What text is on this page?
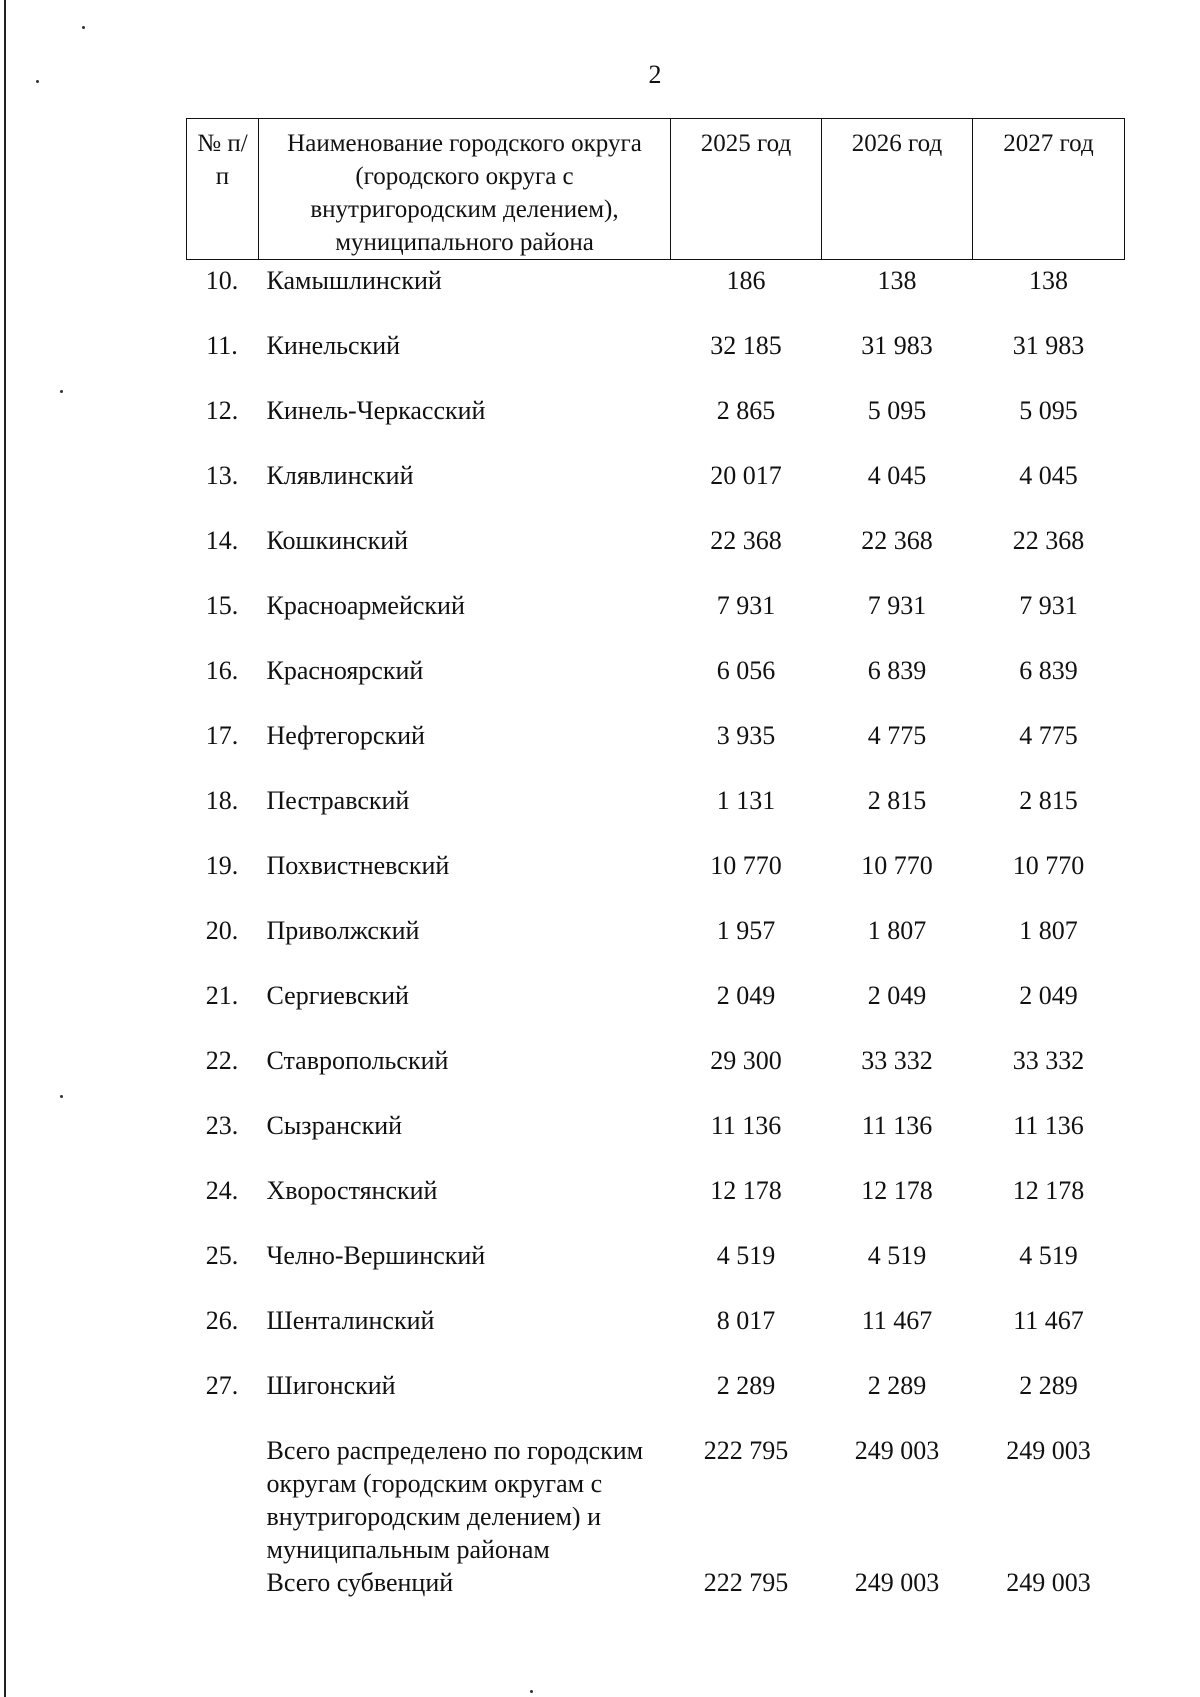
2
№ п/п	Наименование городского округа (городского округа с внутригородским делением), муниципального района	2025 год	2026 год	2027 год
10.	Камышлинский	186	138	138
11.	Кинельский	32 185	31 983	31 983
12.	Кинель-Черкасский	2 865	5 095	5 095
13.	Клявлинский	20 017	4 045	4 045
14.	Кошкинский	22 368	22 368	22 368
15.	Красноармейский	7 931	7 931	7 931
16.	Красноярский	6 056	6 839	6 839
17.	Нефтегорский	3 935	4 775	4 775
18.	Пестравский	1 131	2 815	2 815
19.	Похвистневский	10 770	10 770	10 770
20.	Приволжский	1 957	1 807	1 807
21.	Сергиевский	2 049	2 049	2 049
22.	Ставропольский	29 300	33 332	33 332
23.	Сызранский	11 136	11 136	11 136
24.	Хворостянский	12 178	12 178	12 178
25.	Челно-Вершинский	4 519	4 519	4 519
26.	Шенталинский	8 017	11 467	11 467
27.	Шигонский	2 289	2 289	2 289
	Всего распределено по городским округам (городским округам с внутригородским делением) и муниципальным районам	222 795	249 003	249 003
	Всего субвенций	222 795	249 003	249 003
